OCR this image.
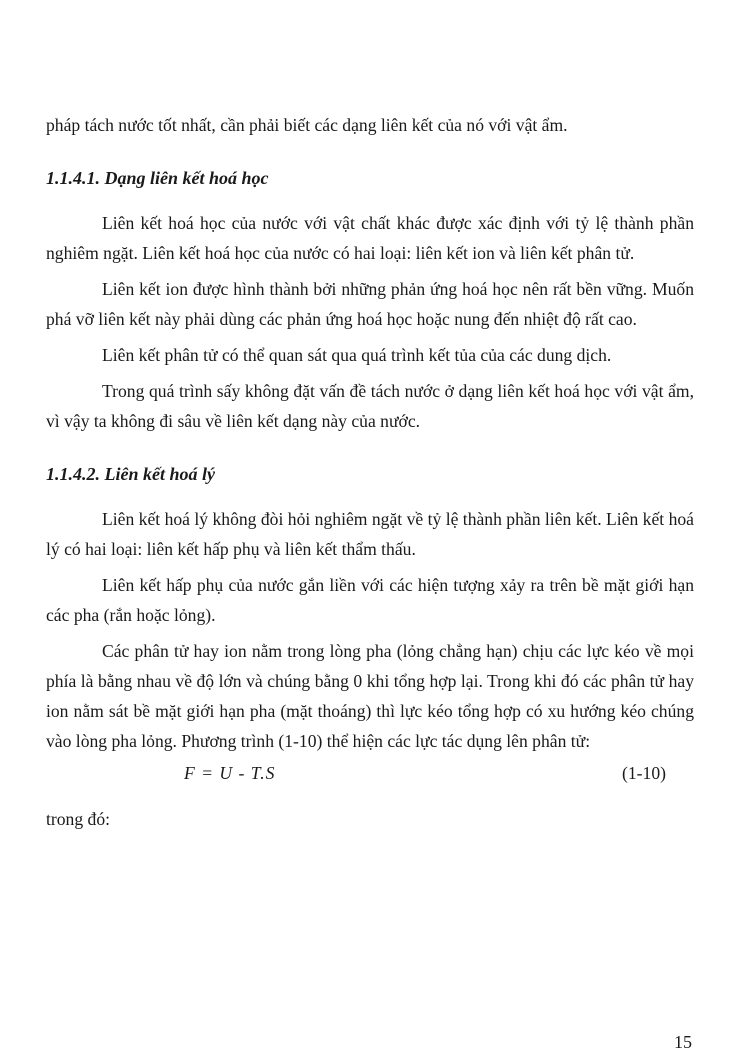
pháp tách nước tốt nhất, cần phải biết các dạng liên kết của nó với vật ẩm.

1.1.4.1. Dạng liên kết hoá học

Liên kết hoá học của nước với vật chất khác được xác định với tỷ lệ thành phần nghiêm ngặt. Liên kết hoá học của nước có hai loại: liên kết ion và liên kết phân tử.

Liên kết ion được hình thành bởi những phản ứng hoá học nên rất bền vững. Muốn phá vỡ liên kết này phải dùng các phản ứng hoá học hoặc nung đến nhiệt độ rất cao.

Liên kết phân tử có thể quan sát qua quá trình kết tủa của các dung dịch.

Trong quá trình sấy không đặt vấn đề tách nước ở dạng liên kết hoá học với vật ẩm, vì vậy ta không đi sâu về liên kết dạng này của nước.

1.1.4.2. Liên kết hoá lý

Liên kết hoá lý không đòi hỏi nghiêm ngặt về tỷ lệ thành phần liên kết. Liên kết hoá lý có hai loại: liên kết hấp phụ và liên kết thẩm thấu.

Liên kết hấp phụ của nước gắn liền với các hiện tượng xảy ra trên bề mặt giới hạn các pha (rắn hoặc lỏng).

Các phân tử hay ion nằm trong lòng pha (lỏng chẳng hạn) chịu các lực kéo về mọi phía là bằng nhau về độ lớn và chúng bằng 0 khi tổng hợp lại. Trong khi đó các phân tử hay ion nằm sát bề mặt giới hạn pha (mặt thoáng) thì lực kéo tổng hợp có xu hướng kéo chúng vào lòng pha lỏng. Phương trình (1-10) thể hiện các lực tác dụng lên phân tử:

F = U - T.S	(1-10)

trong đó:

15
